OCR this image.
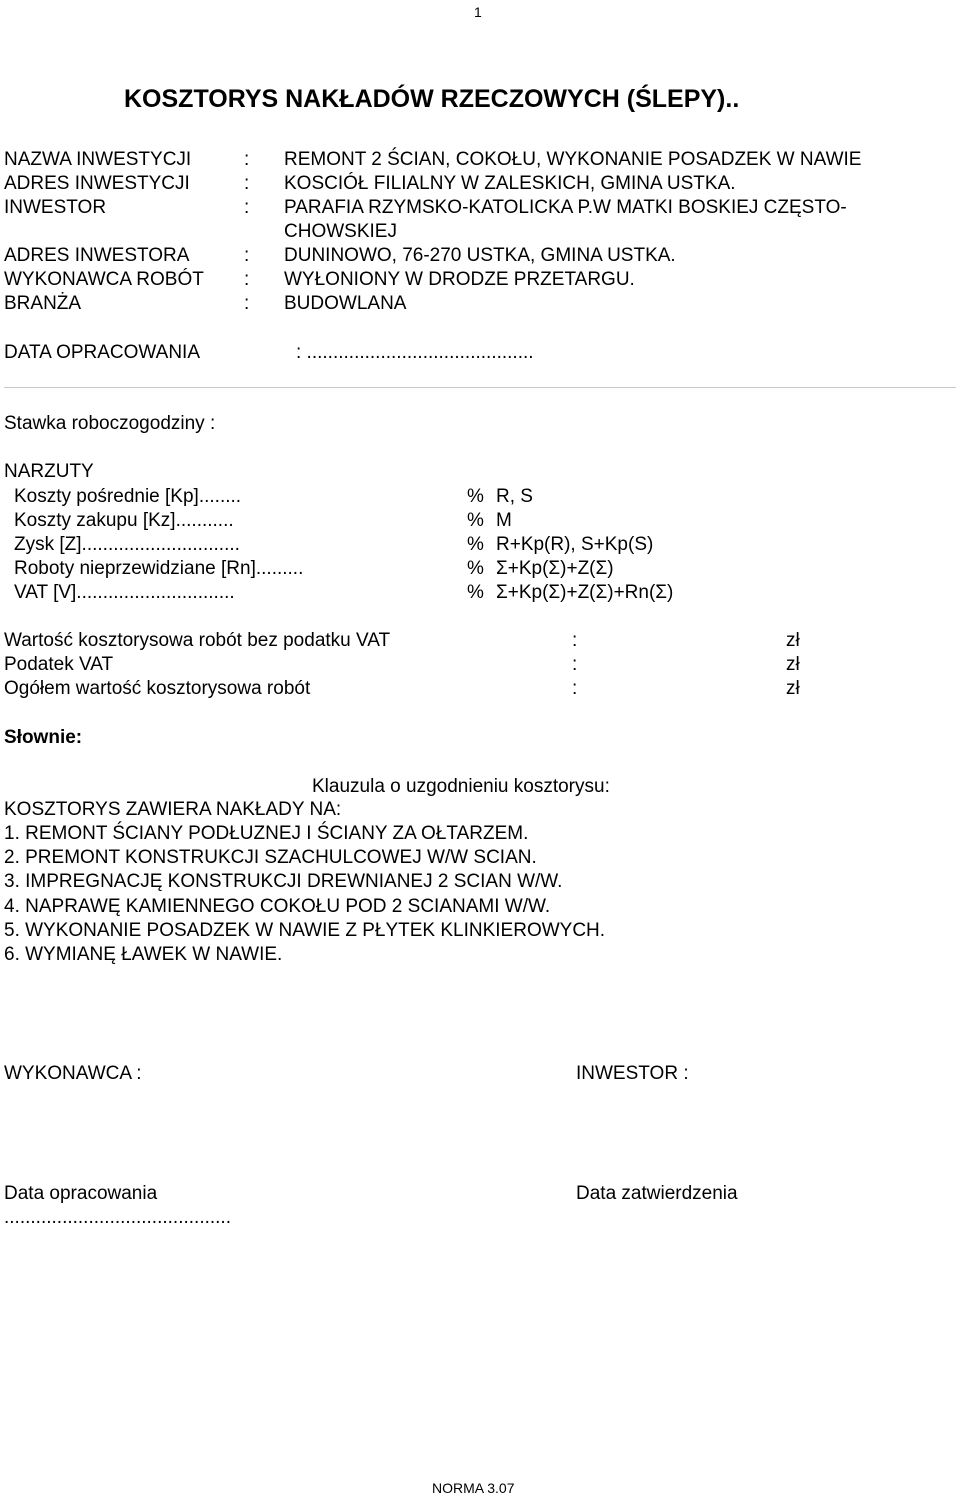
1
KOSZTORYS NAKŁADÓW RZECZOWYCH (ŚLEPY)..
NAZWA INWESTYCJI	: REMONT 2 ŚCIAN, COKOŁU, WYKONANIE POSADZEK W NAWIE
ADRES INWESTYCJI	: KOSCIÓŁ FILIALNY W ZALESKICH, GMINA USTKA.
INWESTOR	: PARAFIA RZYMSKO-KATOLICKA P.W MATKI BOSKIEJ CZĘSTO-
CHOWSKIEJ
ADRES INWESTORA	: DUNINOWO, 76-270 USTKA, GMINA USTKA.
WYKONAWCA ROBÓT : WYŁONIONY W DRODZE PRZETARGU.
BRANŻA	: BUDOWLANA
DATA OPRACOWANIA	: ...........................................
Stawka roboczogodziny :
NARZUTY
Koszty pośrednie [Kp]........	% R, S
Koszty zakupu [Kz]...........	% M
Zysk [Z]..............................	% R+Kp(R), S+Kp(S)
Roboty nieprzewidziane [Rn].........	% Σ+Kp(Σ)+Z(Σ)
VAT [V]..............................	% Σ+Kp(Σ)+Z(Σ)+Rn(Σ)
Wartość kosztorysowa robót bez podatku VAT	:	zł
Podatek VAT	:	zł
Ogółem wartość kosztorysowa robót	:	zł
Słownie:
Klauzula o uzgodnieniu kosztorysu:
KOSZTORYS ZAWIERA NAKŁADY NA:
1. REMONT ŚCIANY PODŁUZNEJ I ŚCIANY ZA OŁTARZEM.
2. PREMONT KONSTRUKCJI SZACHULCOWEJ W/W SCIAN.
3. IMPREGNACJĘ KONSTRUKCJI DREWNIANEJ 2 SCIAN W/W.
4. NAPRAWĘ KAMIENNEGO COKOŁU POD 2 SCIANAMI W/W.
5. WYKONANIE POSADZEK W NAWIE Z PŁYTEK KLINKIEROWYCH.
6. WYMIANĘ ŁAWEK W NAWIE.
WYKONAWCA :	INWESTOR :
Data opracowania	Data zatwierdzenia
...........................................
NORMA 3.07
